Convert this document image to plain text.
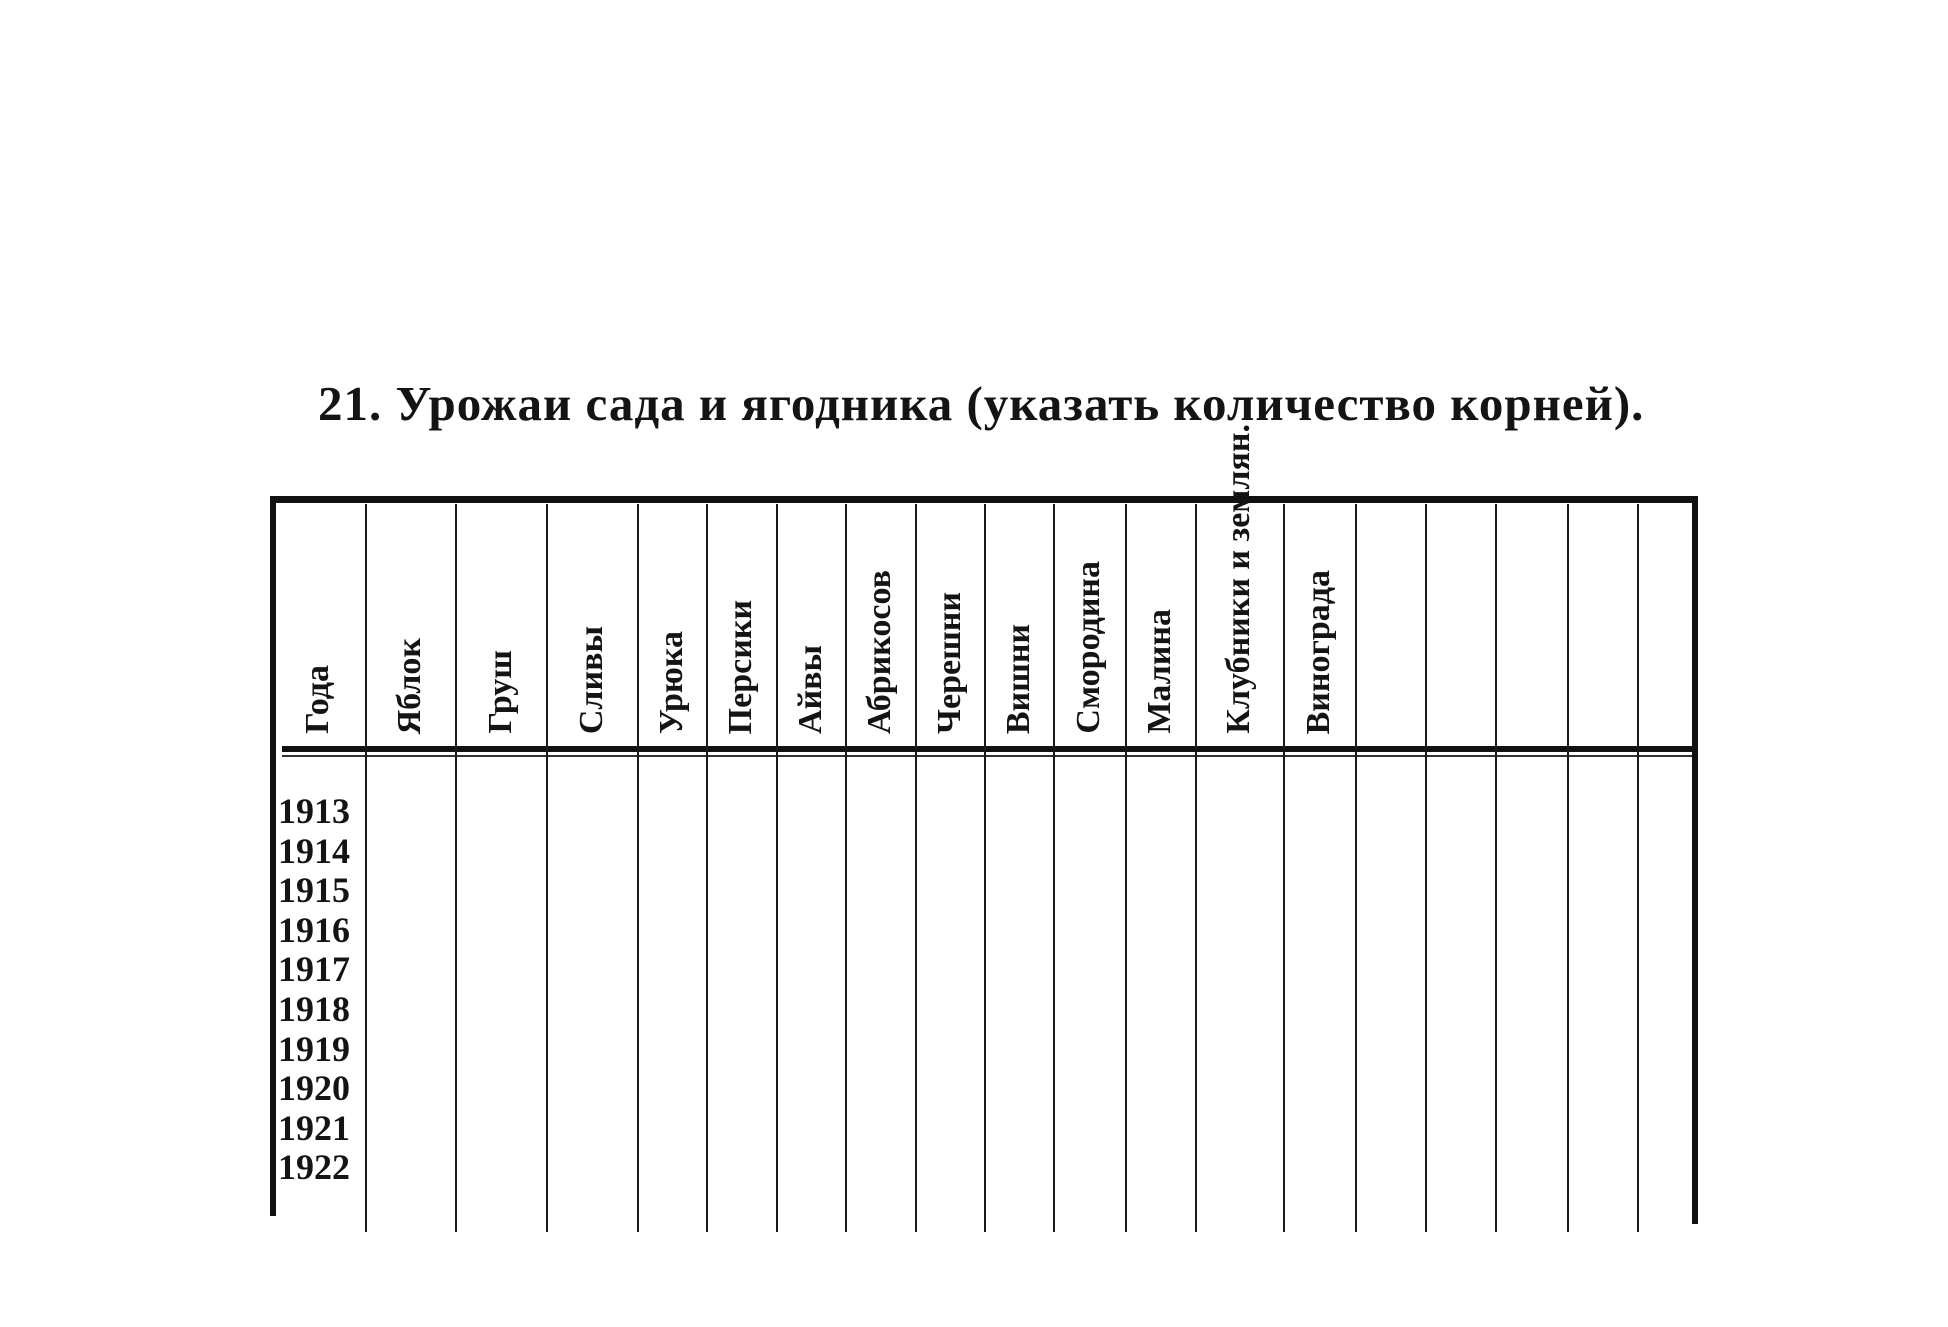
21. Урожаи сада и ягодника (указать количество корней).
1913
1914
1915
1916
1917
1918
1919
1920
1921
1922
Года Яблок Груш Сливы Урюка Персики Айвы Абрикосов Черешни Вишни Смородина Малина Клубники и землян. Винограда
